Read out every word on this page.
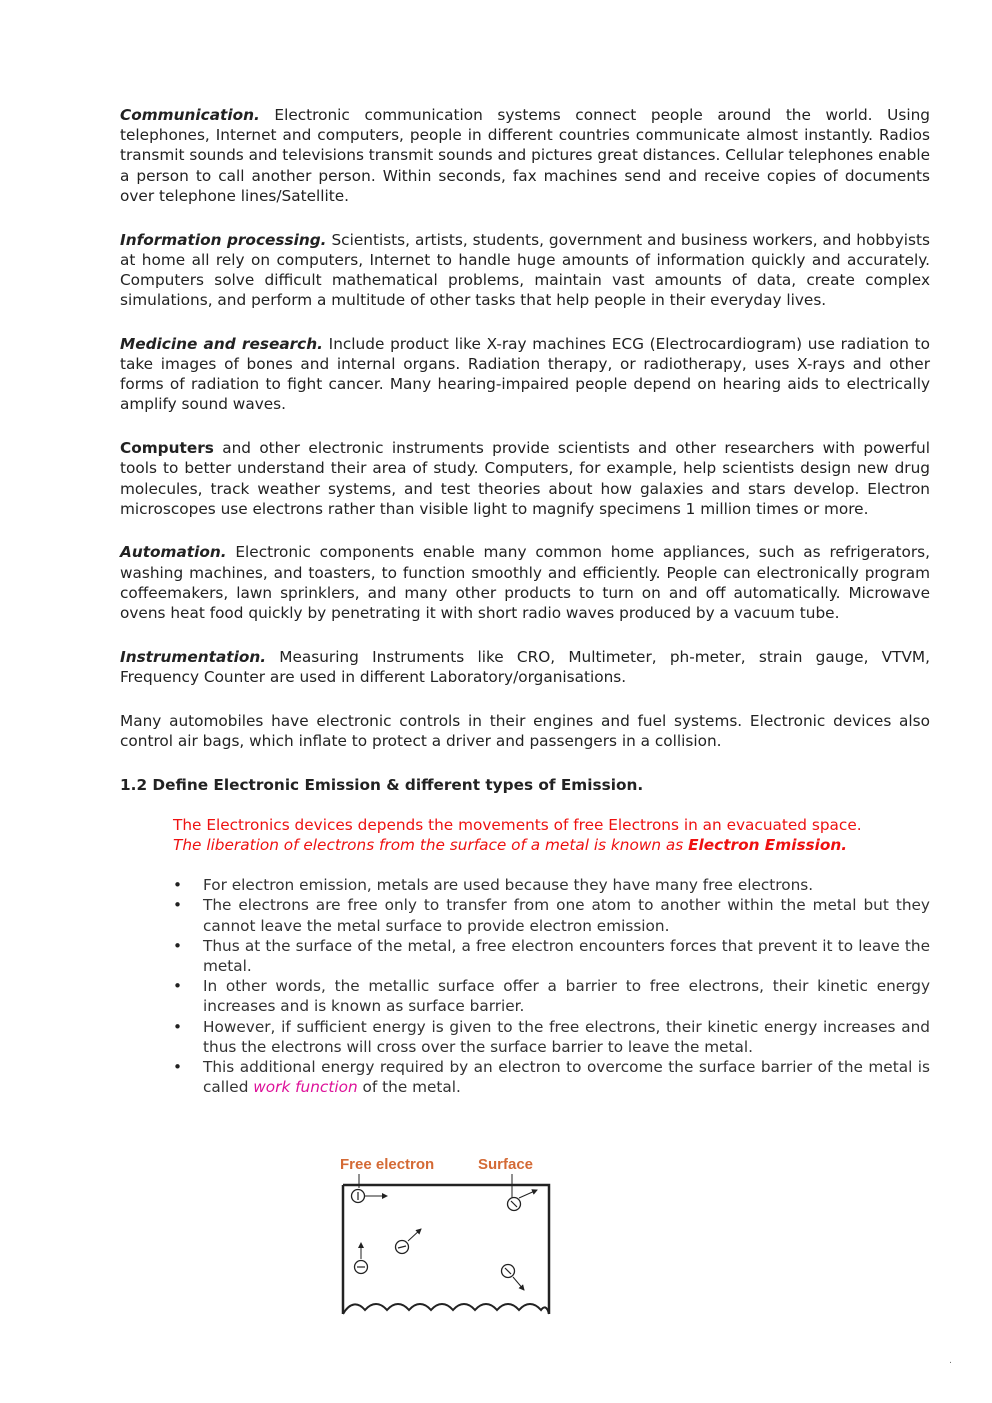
Communication. Electronic communication systems connect people around the world. Using telephones, Internet and computers, people in different countries communicate almost instantly. Radios transmit sounds and televisions transmit sounds and pictures great distances. Cellular telephones enable a person to call another person. Within seconds, fax machines send and receive copies of documents over telephone lines/Satellite.

Information processing. Scientists, artists, students, government and business workers, and hobbyists at home all rely on computers, Internet to handle huge amounts of information quickly and accurately. Computers solve difficult mathematical problems, maintain vast amounts of data, create complex simulations, and perform a multitude of other tasks that help people in their everyday lives.

Medicine and research. Include product like X-ray machines ECG (Electrocardiogram) use radiation to take images of bones and internal organs. Radiation therapy, or radiotherapy, uses X-rays and other forms of radiation to fight cancer. Many hearing-impaired people depend on hearing aids to electrically amplify sound waves.

Computers and other electronic instruments provide scientists and other researchers with powerful tools to better understand their area of study. Computers, for example, help scientists design new drug molecules, track weather systems, and test theories about how galaxies and stars develop. Electron microscopes use electrons rather than visible light to magnify specimens 1 million times or more.

Automation. Electronic components enable many common home appliances, such as refrigerators, washing machines, and toasters, to function smoothly and efficiently. People can electronically program coffeemakers, lawn sprinklers, and many other products to turn on and off automatically. Microwave ovens heat food quickly by penetrating it with short radio waves produced by a vacuum tube.

Instrumentation. Measuring Instruments like CRO, Multimeter, ph-meter, strain gauge, VTVM, Frequency Counter are used in different Laboratory/organisations.

Many automobiles have electronic controls in their engines and fuel systems. Electronic devices also control air bags, which inflate to protect a driver and passengers in a collision.

1.2 Define Electronic Emission & different types of Emission.
The Electronics devices depends the movements of free Electrons in an evacuated space.
The liberation of electrons from the surface of a metal is known as Electron Emission.
• For electron emission, metals are used because they have many free electrons.
• The electrons are free only to transfer from one atom to another within the metal but they cannot leave the metal surface to provide electron emission.
• Thus at the surface of the metal, a free electron encounters forces that prevent it to leave the metal.
• In other words, the metallic surface offer a barrier to free electrons, their kinetic energy increases and is known as surface barrier.
• However, if sufficient energy is given to the free electrons, their kinetic energy increases and thus the electrons will cross over the surface barrier to leave the metal.
• This additional energy required by an electron to overcome the surface barrier of the metal is called work function of the metal.
Free electron	Surface
.
